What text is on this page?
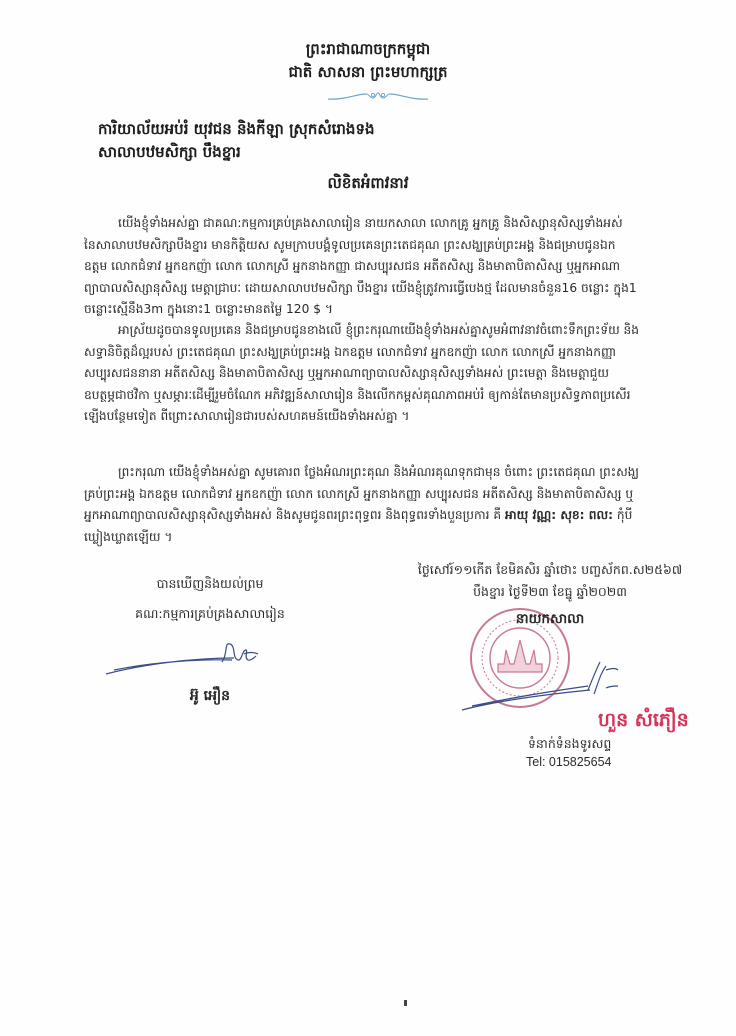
ព្រះរាជាណាចក្រកម្ពុជា
ជាតិ សាសនា ព្រះមហាក្សត្រ
ការិយាល័យអប់រំ យុវជន និងកីឡា ស្រុកសំរោងទង
សាលាបឋមសិក្សា បឹងខ្នារ
លិខិតអំពាវនាវ
យើងខ្ញុំទាំងអស់គ្នា ជាគណ:កម្មការគ្រប់គ្រងសាលារៀន នាយកសាលា លោកគ្រូ អ្នកគ្រូ និងសិស្សានុសិស្សទាំងអស់
នៃសាលាបឋមសិក្សាបឹងខ្នារ មានកិត្តិយស សូមក្រាបបង្គំទូលប្រគេនព្រះតេជគុណ ព្រះសង្ឃគ្រប់ព្រះអង្គ និងជម្រាបជូនឯក
ឧត្តម លោកជំទាវ អ្នកឧកញ៉ា លោក លោកស្រី អ្នកនាងកញ្ញា ជាសប្បុរសជន អតីតសិស្ស និងមាតាបិតាសិស្ស ឬអ្នកអាណា
ព្យាបាលសិស្សានុសិស្ស មេត្តាជ្រាបៈ ដោយសាលាបឋមសិក្សា បឹងខ្នារ យើងខ្ញុំត្រូវការធ្វើបេងថ្ម ដែលមានចំនួន16 ចន្លោះ ក្នុង1
ចន្លោះស្មើនឹង3m ក្នុងនោះ1 ចន្លោះមានតម្លៃ 120 $ ។
អាស្រ័យដូចបានទូលប្រគេន និងជម្រាបជូនខាងលើ ខ្ញុំព្រះករុណាយើងខ្ញុំទាំងអស់គ្នាសូមអំពាវនាវចំពោះទឹកព្រះទ័យ និង
សទ្ធានិចិត្តដ៏ល្អរបស់ ព្រះតេជគុណ ព្រះសង្ឃគ្រប់ព្រះអង្គ ឯកឧត្តម លោកជំទាវ អ្នកឧកញ៉ា លោក លោកស្រី អ្នកនាងកញ្ញា
សប្បុរសជននានា អតីតសិស្ស និងមាតាបិតាសិស្ស ឬអ្នកអាណាព្យាបាលសិស្សានុសិស្សទាំងអស់ ព្រះមេត្តា និងមេត្តាជួយ
ឧបត្ថម្ភជាថវិកា ឬសម្ភារៈដើម្បីរួមចំណែក អភិវឌ្ឍន៍សាលារៀន និងលើកកម្ពស់គុណភាពអប់រំ ឲ្យកាន់តែមានប្រសិទ្ធភាពប្រសើរ
ឡើងបន្ថែមទៀត ពីព្រោះសាលារៀនជារបស់សហគមន៍យើងទាំងអស់គ្នា ។
ព្រះករុណា យើងខ្ញុំទាំងអស់គ្នា សូមគោរព ថ្លែងអំណរព្រះគុណ និងអំណរគុណទុកជាមុន ចំពោះ ព្រះតេជគុណ ព្រះសង្ឃ
គ្រប់ព្រះអង្គ ឯកឧត្តម លោកជំទាវ អ្នកឧកញ៉ា លោក លោកស្រី អ្នកនាងកញ្ញា សប្បុរសជន អតីតសិស្ស និងមាតាបិតាសិស្ស ឬ
អ្នកអាណាព្យាបាលសិស្សានុសិស្សទាំងអស់ និងសូមជូនពរព្រះពុទ្ធពរ និងពុទ្ធពរទាំងបួនប្រការ គឺ អាយុ វណ្ណ: សុខ: ពល: កុំបី
ឃ្លៀងឃ្លាតឡើយ ។
បានឃើញនិងយល់ព្រម
គណ:កម្មការគ្រប់គ្រងសាលារៀន
អ៊ូ អឿន
ថ្ងៃសៅរ៍១១កើត ខែមិគសិរ ឆ្នាំថោះ បញ្ចស័កព.ស២៥៦៧
បឹងខ្នារ ថ្ងៃទី២៣ ខែធ្នូ ឆ្នាំ២០២៣
នាយកសាលា
ហួន សំភឿន
ទំនាក់ទំនងទូរសព្ទ
Tel: 015825654
